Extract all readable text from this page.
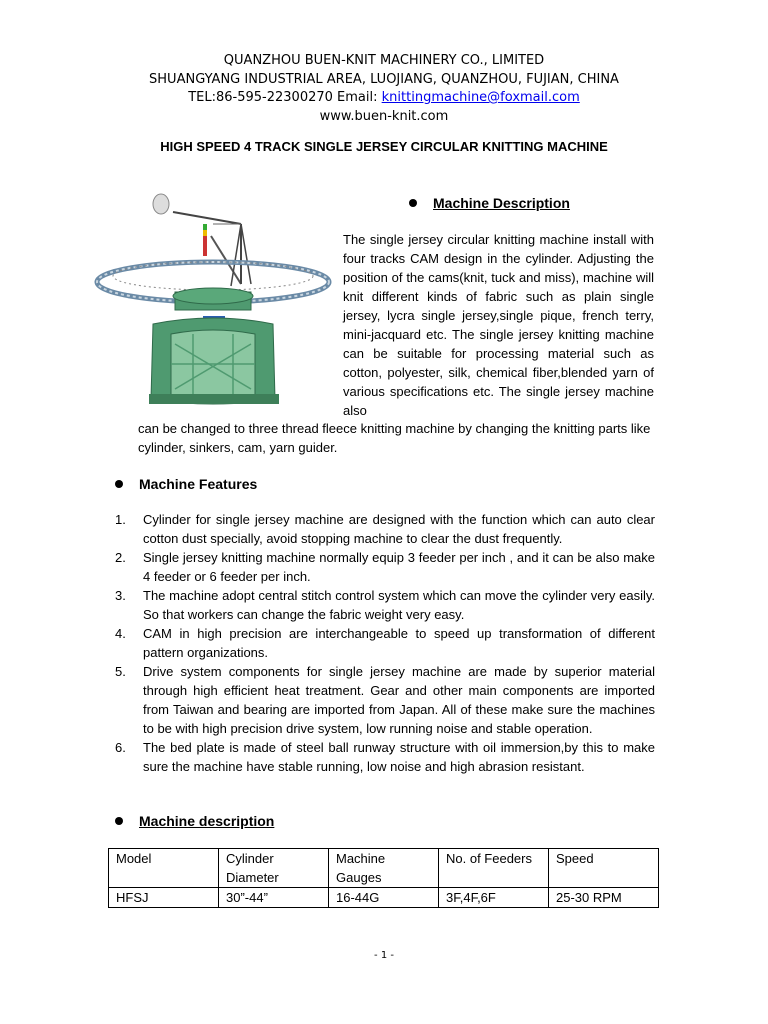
QUANZHOU BUEN-KNIT MACHINERY CO., LIMITED
SHUANGYANG INDUSTRIAL AREA, LUOJIANG, QUANZHOU, FUJIAN, CHINA
TEL:86-595-22300270 Email: knittingmachine@foxmail.com
www.buen-knit.com
HIGH SPEED 4 TRACK SINGLE JERSEY CIRCULAR KNITTING MACHINE
Machine Description
The single jersey circular knitting machine install with four tracks CAM design in the cylinder. Adjusting the position of the cams(knit, tuck and miss), machine will knit different kinds of fabric such as plain single jersey, lycra single jersey,single pique, french terry, mini-jacquard etc. The single jersey knitting machine can be suitable for processing material such as cotton, polyester, silk, chemical fiber,blended yarn of various specifications etc. The single jersey machine also
can be changed to three thread fleece knitting machine by changing the knitting parts like cylinder, sinkers, cam, yarn guider.
Machine Features
1. Cylinder for single jersey machine are designed with the function which can auto clear cotton dust specially, avoid stopping machine to clear the dust frequently.
2. Single jersey knitting machine normally equip 3 feeder per inch , and it can be also make 4 feeder or 6 feeder per inch.
3. The machine adopt central stitch control system which can move the cylinder very easily. So that workers can change the fabric weight very easy.
4. CAM in high precision are interchangeable to speed up transformation of different pattern organizations.
5. Drive system components for single jersey machine are made by superior material through high efficient heat treatment. Gear and other main components are imported from Taiwan and bearing are imported from Japan. All of these make sure the machines to be with high precision drive system, low running noise and stable operation.
6. The bed plate is made of steel ball runway structure with oil immersion,by this to make sure the machine have stable running, low noise and high abrasion resistant.
Machine description
Model	Cylinder Diameter	Machine Gauges	No. of Feeders	Speed
HFSJ	30”-44”	16-44G	3F,4F,6F	25-30 RPM
- 1 -
